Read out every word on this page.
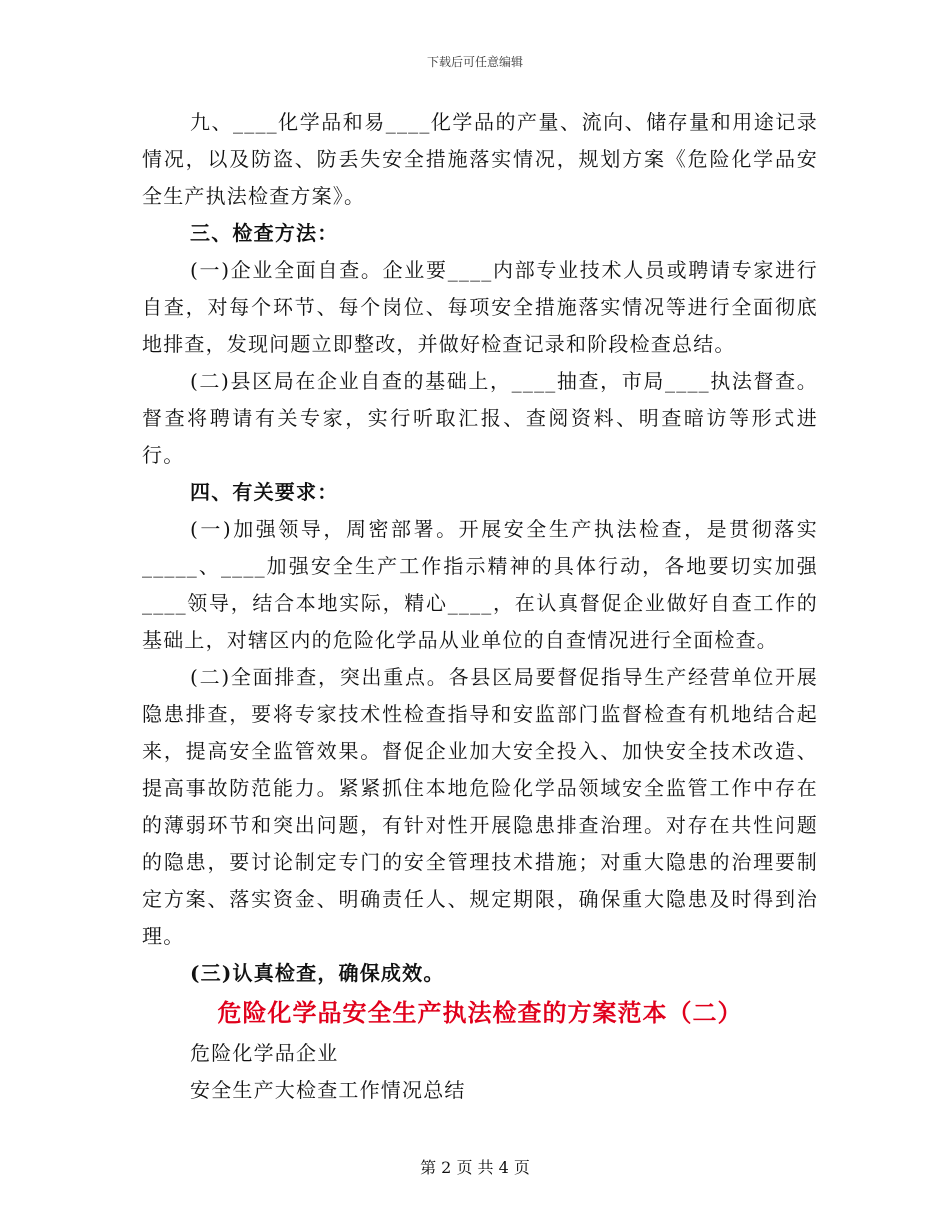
下载后可任意编辑

九、____化学品和易____化学品的产量、流向、储存量和用途记录情况，以及防盗、防丢失安全措施落实情况，规划方案《危险化学品安全生产执法检查方案》。

三、检查方法：

(一)企业全面自查。企业要____内部专业技术人员或聘请专家进行自查，对每个环节、每个岗位、每项安全措施落实情况等进行全面彻底地排查，发现问题立即整改，并做好检查记录和阶段检查总结。

(二)县区局在企业自查的基础上，____抽查，市局____执法督查。督查将聘请有关专家，实行听取汇报、查阅资料、明查暗访等形式进行。

四、有关要求：

(一)加强领导，周密部署。开展安全生产执法检查，是贯彻落实_____、____加强安全生产工作指示精神的具体行动，各地要切实加强____领导，结合本地实际，精心____，在认真督促企业做好自查工作的基础上，对辖区内的危险化学品从业单位的自查情况进行全面检查。

(二)全面排查，突出重点。各县区局要督促指导生产经营单位开展隐患排查，要将专家技术性检查指导和安监部门监督检查有机地结合起来，提高安全监管效果。督促企业加大安全投入、加快安全技术改造、提高事故防范能力。紧紧抓住本地危险化学品领域安全监管工作中存在的薄弱环节和突出问题，有针对性开展隐患排查治理。对存在共性问题的隐患，要讨论制定专门的安全管理技术措施；对重大隐患的治理要制定方案、落实资金、明确责任人、规定期限，确保重大隐患及时得到治理。

(三)认真检查，确保成效。

危险化学品安全生产执法检查的方案范本（二）

危险化学品企业

安全生产大检查工作情况总结

第 2 页 共 4 页
